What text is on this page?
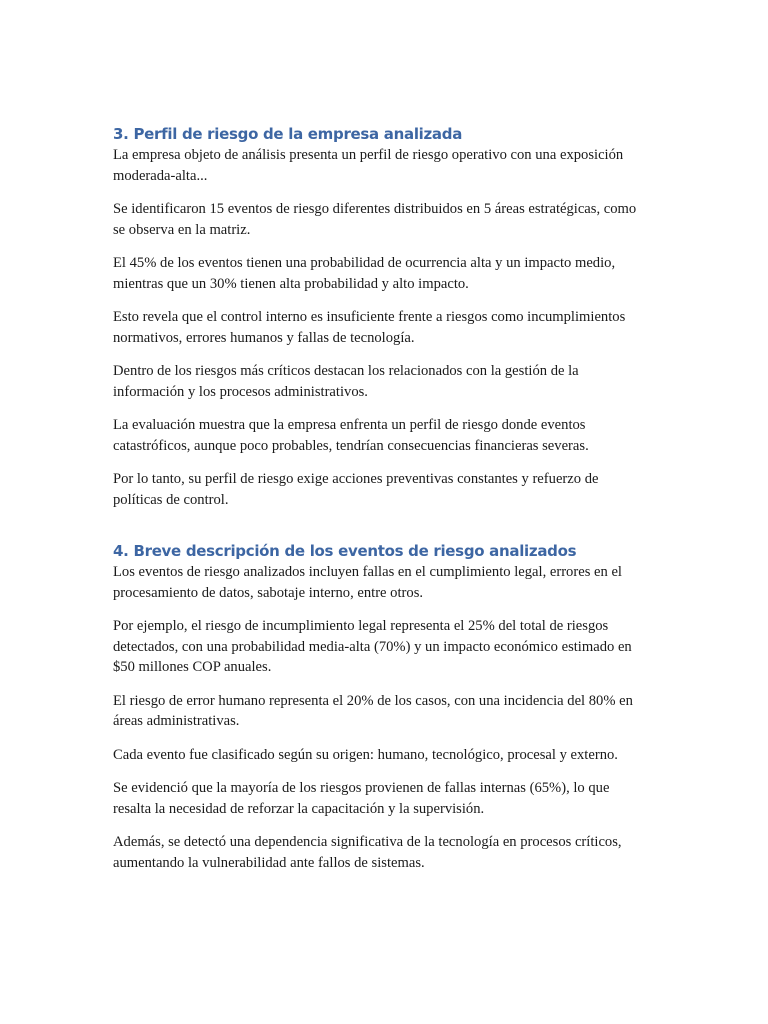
3. Perfil de riesgo de la empresa analizada

La empresa objeto de análisis presenta un perfil de riesgo operativo con una exposición
moderada-alta...

Se identificaron 15 eventos de riesgo diferentes distribuidos en 5 áreas estratégicas, como
se observa en la matriz.

El 45% de los eventos tienen una probabilidad de ocurrencia alta y un impacto medio,
mientras que un 30% tienen alta probabilidad y alto impacto.

Esto revela que el control interno es insuficiente frente a riesgos como incumplimientos
normativos, errores humanos y fallas de tecnología.

Dentro de los riesgos más críticos destacan los relacionados con la gestión de la
información y los procesos administrativos.

La evaluación muestra que la empresa enfrenta un perfil de riesgo donde eventos
catastróficos, aunque poco probables, tendrían consecuencias financieras severas.

Por lo tanto, su perfil de riesgo exige acciones preventivas constantes y refuerzo de
políticas de control.

4. Breve descripción de los eventos de riesgo analizados

Los eventos de riesgo analizados incluyen fallas en el cumplimiento legal, errores en el
procesamiento de datos, sabotaje interno, entre otros.

Por ejemplo, el riesgo de incumplimiento legal representa el 25% del total de riesgos
detectados, con una probabilidad media-alta (70%) y un impacto económico estimado en
$50 millones COP anuales.

El riesgo de error humano representa el 20% de los casos, con una incidencia del 80% en
áreas administrativas.

Cada evento fue clasificado según su origen: humano, tecnológico, procesal y externo.

Se evidenció que la mayoría de los riesgos provienen de fallas internas (65%), lo que
resalta la necesidad de reforzar la capacitación y la supervisión.

Además, se detectó una dependencia significativa de la tecnología en procesos críticos,
aumentando la vulnerabilidad ante fallos de sistemas.
